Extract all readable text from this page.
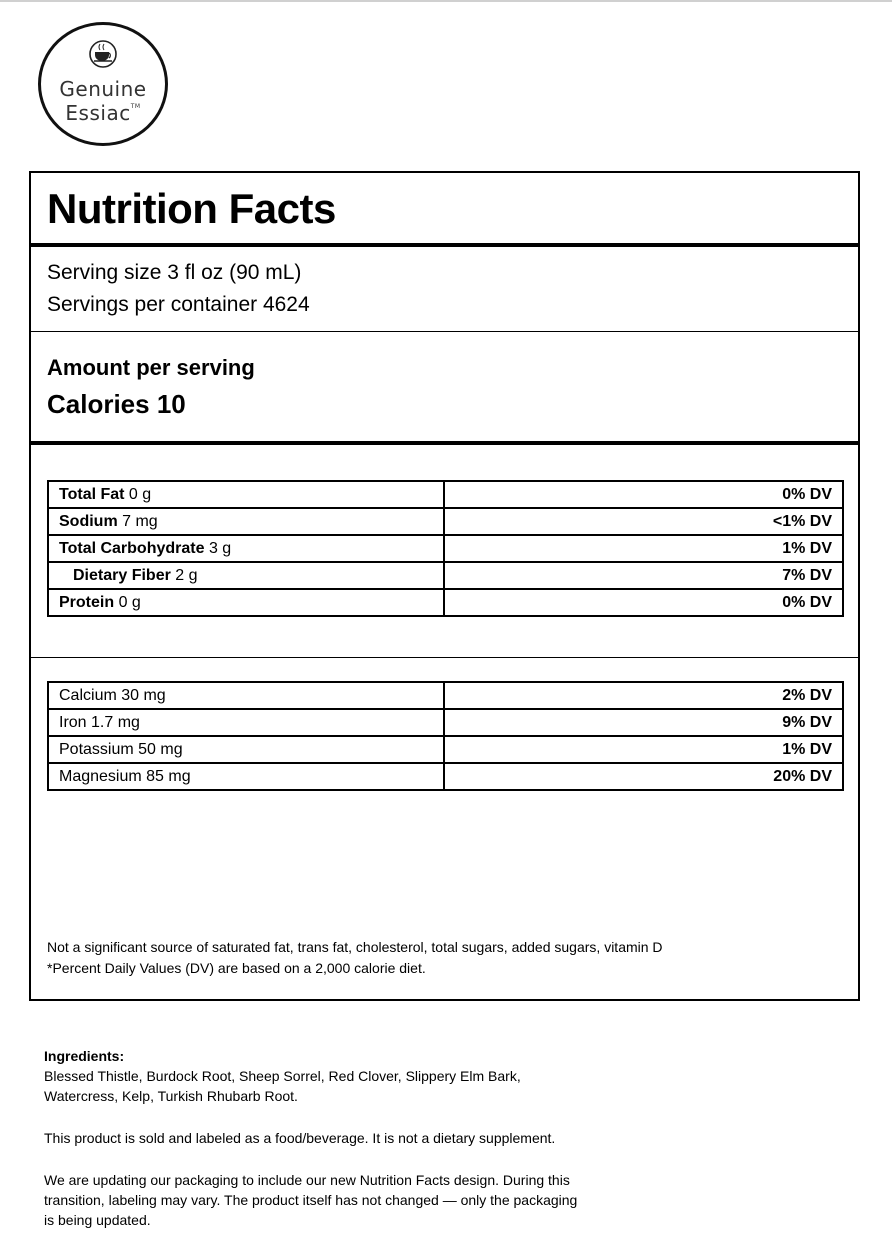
Genuine
Essiac™
Nutrition Facts
Serving size 3 fl oz (90 mL)
Servings per container 4624
Amount per serving
Calories 10
Total Fat 0 g	0% DV
Sodium 7 mg	<1% DV
Total Carbohydrate 3 g	1% DV
Dietary Fiber 2 g	7% DV
Protein 0 g	0% DV
Calcium 30 mg	2% DV
Iron 1.7 mg	9% DV
Potassium 50 mg	1% DV
Magnesium 85 mg	20% DV
Not a significant source of saturated fat, trans fat, cholesterol, total sugars, added sugars, vitamin D
*Percent Daily Values (DV) are based on a 2,000 calorie diet.
Ingredients:
Blessed Thistle, Burdock Root, Sheep Sorrel, Red Clover, Slippery Elm Bark,
Watercress, Kelp, Turkish Rhubarb Root.
This product is sold and labeled as a food/beverage. It is not a dietary supplement.
We are updating our packaging to include our new Nutrition Facts design. During this
transition, labeling may vary. The product itself has not changed — only the packaging
is being updated.
